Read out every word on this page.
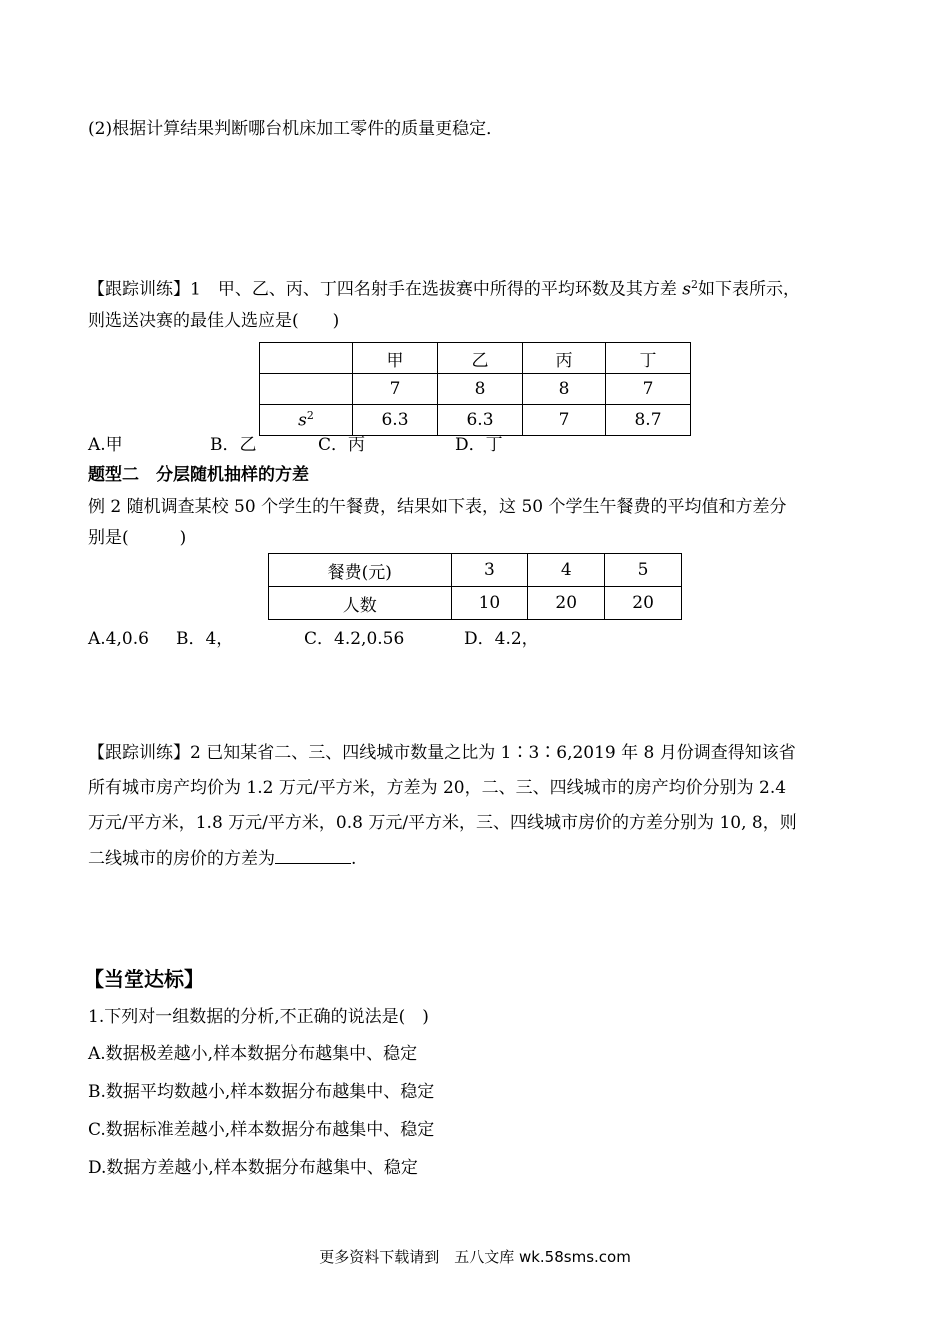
(2)根据计算结果判断哪台机床加工零件的质量更稳定．
【跟踪训练】1　甲、乙、丙、丁四名射手在选拔赛中所得的平均环数及其方差 $s^2$如下表所示，
则选送决赛的最佳人选应是(　　)
	甲	乙	丙	丁
	7	8	8	7
$s^2$	6.3	6.3	7	8.7
A.甲	B．乙	C．丙	D．丁
题型二　分层随机抽样的方差
例 2 随机调查某校 50 个学生的午餐费，结果如下表，这 50 个学生午餐费的平均值和方差分
别是(　　　)
餐费(元)	3	4	5
人数	10	20	20
A.4,0.6 B．4，	C．4.2,0.56	D．4.2，
【跟踪训练】2 已知某省二、三、四线城市数量之比为 1∶3∶6,2019 年 8 月份调查得知该省
所有城市房产均价为 1.2 万元/平方米，方差为 20，二、三、四线城市的房产均价分别为 2.4
万元/平方米，1.8 万元/平方米，0.8 万元/平方米，三、四线城市房价的方差分别为 10, 8，则
二线城市的房价的方差为	.
【当堂达标】
1.下列对一组数据的分析,不正确的说法是(　)
A.数据极差越小,样本数据分布越集中、稳定
B.数据平均数越小,样本数据分布越集中、稳定
C.数据标准差越小,样本数据分布越集中、稳定
D.数据方差越小,样本数据分布越集中、稳定
更多资料下载请到　五八文库 wk.58sms.com
